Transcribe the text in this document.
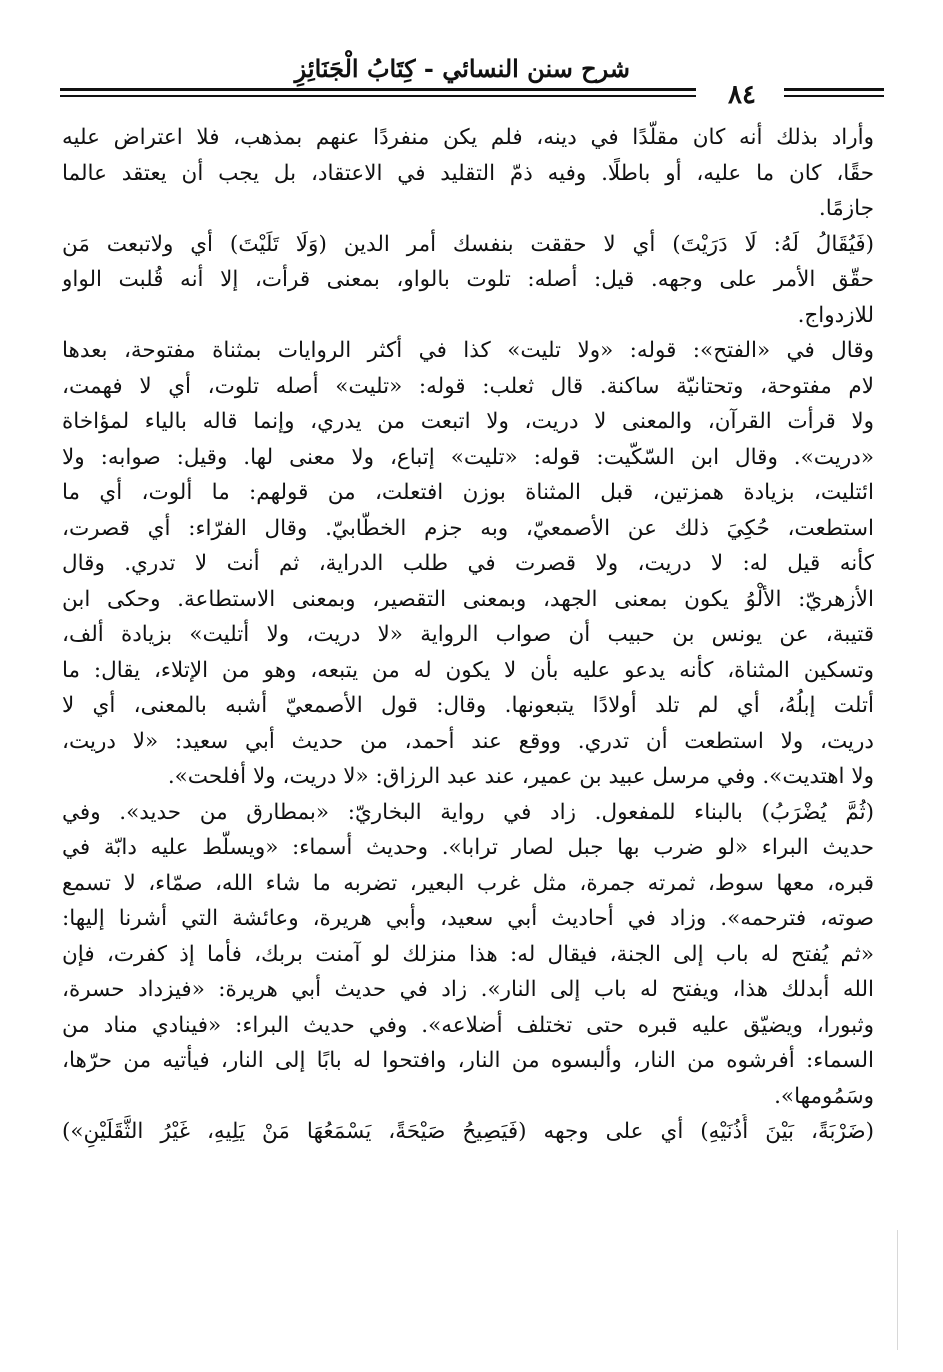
شرح سنن النسائي - كِتَابُ الْجَنَائِزِ
٨٤
وأراد بذلك أنه كان مقلّدًا في دينه، فلم يكن منفردًا عنهم بمذهب، فلا اعتراض عليه
حقًا، كان ما عليه، أو باطلًا. وفيه ذمّ التقليد في الاعتقاد، بل يجب أن يعتقد عالما
جازمًا.
(فَيُقَالُ لَهُ: لَا دَرَيْتَ) أي لا حققت بنفسك أمر الدين (وَلَا تَلَيْتَ) أي ولاتبعت مَن
حقّق الأمر على وجهه. قيل: أصله: تلوت بالواو، بمعنى قرأت، إلا أنه قُلبت الواو
للازدواج.
وقال في «الفتح»: قوله: «ولا تليت» كذا في أكثر الروايات بمثناة مفتوحة، بعدها
لام مفتوحة، وتحتانيّة ساكنة. قال ثعلب: قوله: «تليت» أصله تلوت، أي لا فهمت،
ولا قرأت القرآن، والمعنى لا دريت، ولا اتبعت من يدري، وإنما قاله بالياء لمؤاخاة
«دريت». وقال ابن السّكّيت: قوله: «تليت» إتباع، ولا معنى لها. وقيل: صوابه: ولا
ائتليت، بزيادة همزتين، قبل المثناة بوزن افتعلت، من قولهم: ما ألوت، أي ما
استطعت، حُكِيَ ذلك عن الأصمعيّ، وبه جزم الخطّابيّ. وقال الفرّاء: أي قصرت،
كأنه قيل له: لا دريت، ولا قصرت في طلب الدراية، ثم أنت لا تدري. وقال
الأزهريّ: الألْوُ يكون بمعنى الجهد، وبمعنى التقصير، وبمعنى الاستطاعة. وحكى ابن
قتيبة، عن يونس بن حبيب أن صواب الرواية «لا دريت، ولا أتليت» بزيادة ألف،
وتسكين المثناة، كأنه يدعو عليه بأن لا يكون له من يتبعه، وهو من الإتلاء، يقال: ما
أتلت إبلُهُ، أي لم تلد أولادًا يتبعونها. وقال: قول الأصمعيّ أشبه بالمعنى، أي لا
دريت، ولا استطعت أن تدري. ووقع عند أحمد، من حديث أبي سعيد: «لا دريت،
ولا اهتديت». وفي مرسل عبيد بن عمير، عند عبد الرزاق: «لا دريت، ولا أفلحت».
(ثُمَّ يُضْرَبُ) بالبناء للمفعول. زاد في رواية البخاريّ: «بمطارق من حديد». وفي
حديث البراء «لو ضرب بها جبل لصار ترابا». وحديث أسماء: «ويسلّط عليه دابّة في
قبره، معها سوط، ثمرته جمرة، مثل غرب البعير، تضربه ما شاء الله، صمّاء، لا تسمع
صوته، فترحمه». وزاد في أحاديث أبي سعيد، وأبي هريرة، وعائشة التي أشرنا إليها:
«ثم يُفتح له باب إلى الجنة، فيقال له: هذا منزلك لو آمنت بربك، فأما إذ كفرت، فإن
الله أبدلك هذا، ويفتح له باب إلى النار». زاد في حديث أبي هريرة: «فيزداد حسرة،
وثبورا، ويضيّق عليه قبره حتى تختلف أضلاعه». وفي حديث البراء: «فينادي مناد من
السماء: أفرشوه من النار، وألبسوه من النار، وافتحوا له بابًا إلى النار، فيأتيه من حرّها،
وسَمُومها».
(ضَرْبَةً، بَيْنَ أُذُنَيْهِ) أي على وجهه (فَيَصِيحُ صَيْحَةً، يَسْمَعُهَا مَنْ يَلِيهِ، غَيْرُ الثَّقَلَيْنِ»)
